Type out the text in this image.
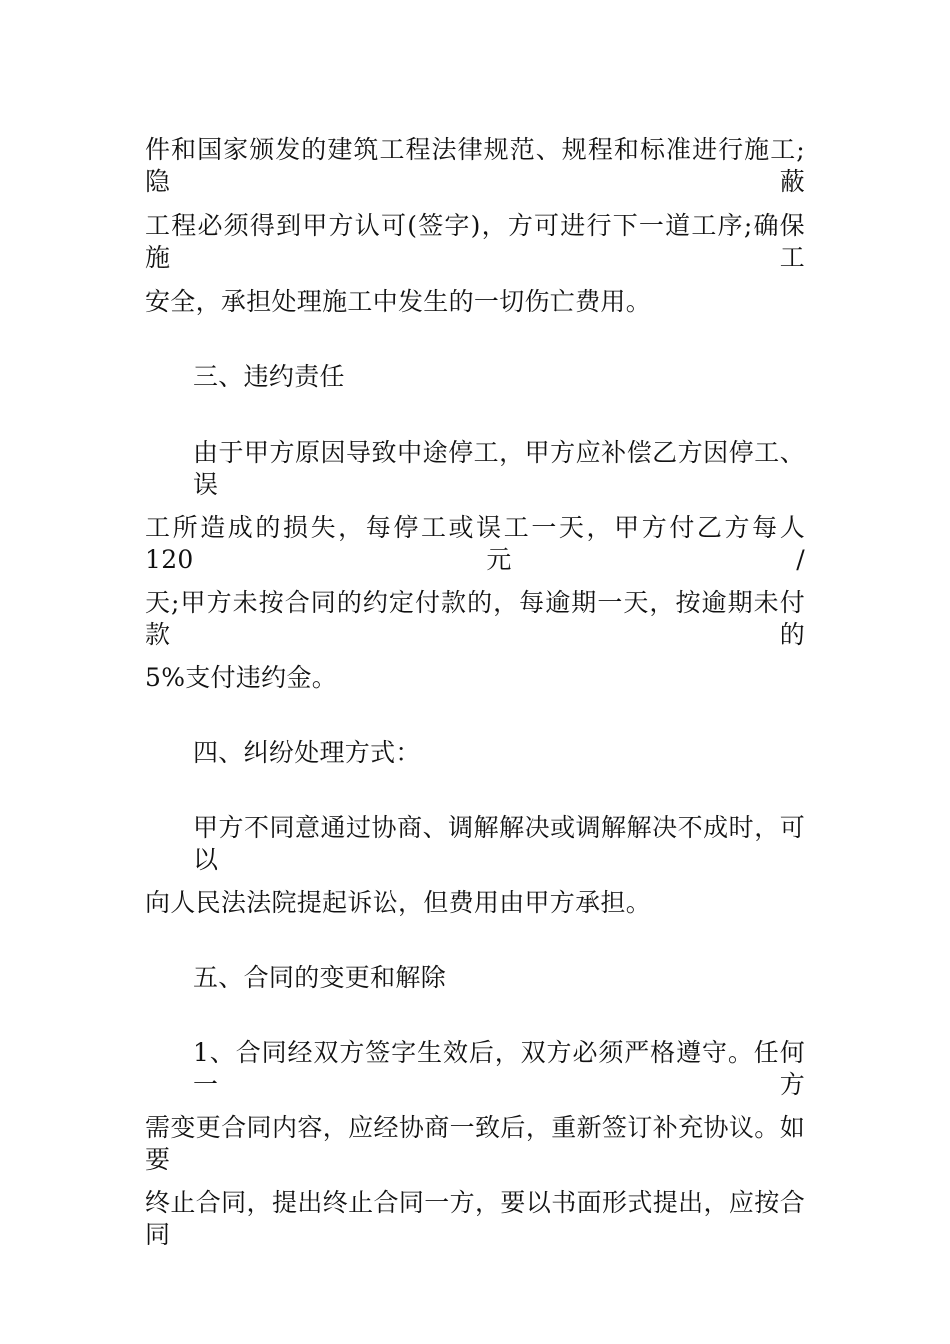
件和国家颁发的建筑工程法律规范、规程和标准进行施工;隐蔽
工程必须得到甲方认可(签字)，方可进行下一道工序;确保施工
安全，承担处理施工中发生的一切伤亡费用。
三、违约责任
由于甲方原因导致中途停工，甲方应补偿乙方因停工、误
工所造成的损失，每停工或误工一天，甲方付乙方每人 120 元/
天;甲方未按合同的约定付款的，每逾期一天，按逾期未付款的
5%支付违约金。
四、纠纷处理方式：
甲方不同意通过协商、调解解决或调解解决不成时，可以
向人民法法院提起诉讼，但费用由甲方承担。
五、合同的变更和解除
1、合同经双方签字生效后，双方必须严格遵守。任何一方
需变更合同内容，应经协商一致后，重新签订补充协议。如要
终止合同，提出终止合同一方，要以书面形式提出，应按合同
